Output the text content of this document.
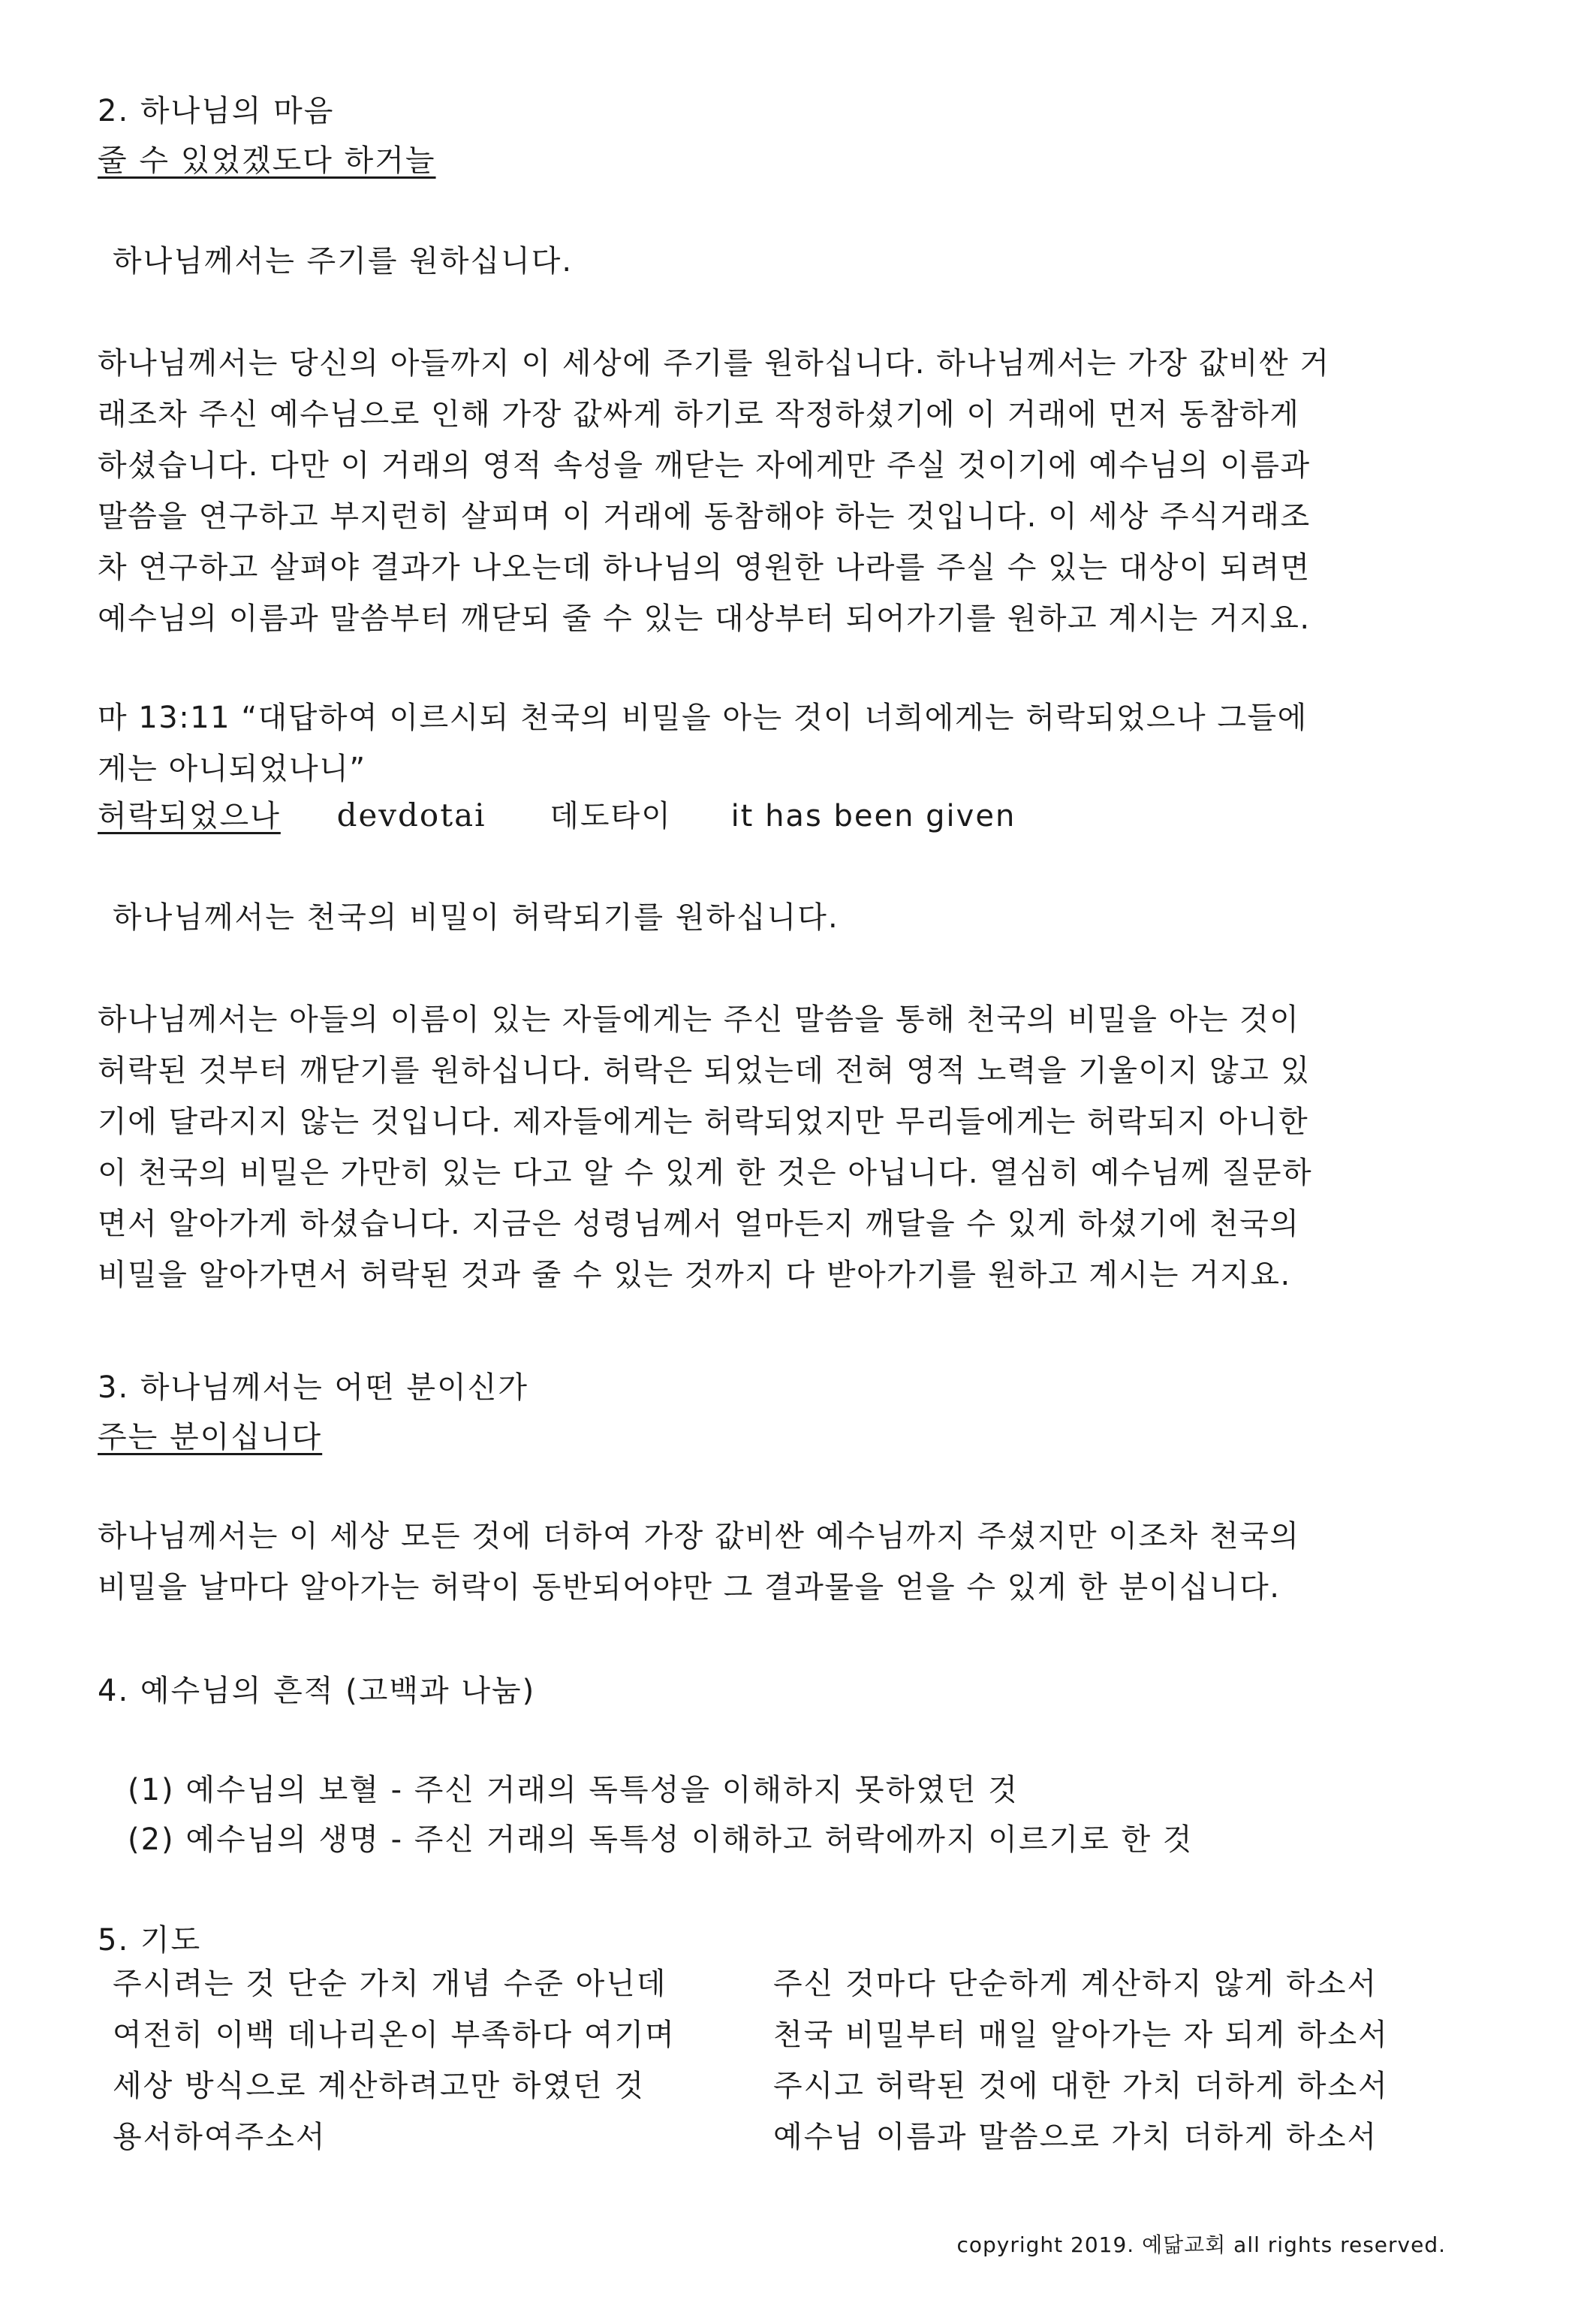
2. 하나님의 마음
줄 수 있었겠도다 하거늘
하나님께서는 주기를 원하십니다.
하나님께서는 당신의 아들까지 이 세상에 주기를 원하십니다. 하나님께서는 가장 값비싼 거
래조차 주신 예수님으로 인해 가장 값싸게 하기로 작정하셨기에 이 거래에 먼저 동참하게
하셨습니다. 다만 이 거래의 영적 속성을 깨닫는 자에게만 주실 것이기에 예수님의 이름과
말씀을 연구하고 부지런히 살피며 이 거래에 동참해야 하는 것입니다. 이 세상 주식거래조
차 연구하고 살펴야 결과가 나오는데 하나님의 영원한 나라를 주실 수 있는 대상이 되려면
예수님의 이름과 말씀부터 깨닫되 줄 수 있는 대상부터 되어가기를 원하고 계시는 거지요.
마 13:11 “대답하여 이르시되 천국의 비밀을 아는 것이 너희에게는 허락되었으나 그들에
게는 아니되었나니”
허락되었으나 devdotai 데도타이 it has been given
하나님께서는 천국의 비밀이 허락되기를 원하십니다.
하나님께서는 아들의 이름이 있는 자들에게는 주신 말씀을 통해 천국의 비밀을 아는 것이
허락된 것부터 깨닫기를 원하십니다. 허락은 되었는데 전혀 영적 노력을 기울이지 않고 있
기에 달라지지 않는 것입니다. 제자들에게는 허락되었지만 무리들에게는 허락되지 아니한
이 천국의 비밀은 가만히 있는 다고 알 수 있게 한 것은 아닙니다. 열심히 예수님께 질문하
면서 알아가게 하셨습니다. 지금은 성령님께서 얼마든지 깨달을 수 있게 하셨기에 천국의
비밀을 알아가면서 허락된 것과 줄 수 있는 것까지 다 받아가기를 원하고 계시는 거지요.
3. 하나님께서는 어떤 분이신가
주는 분이십니다
하나님께서는 이 세상 모든 것에 더하여 가장 값비싼 예수님까지 주셨지만 이조차 천국의
비밀을 날마다 알아가는 허락이 동반되어야만 그 결과물을 얻을 수 있게 한 분이십니다.
4. 예수님의 흔적 (고백과 나눔)
(1) 예수님의 보혈 - 주신 거래의 독특성을 이해하지 못하였던 것
(2) 예수님의 생명 - 주신 거래의 독특성 이해하고 허락에까지 이르기로 한 것
5. 기도
주시려는 것 단순 가치 개념 수준 아닌데
여전히 이백 데나리온이 부족하다 여기며
세상 방식으로 계산하려고만 하였던 것
용서하여주소서
주신 것마다 단순하게 계산하지 않게 하소서
천국 비밀부터 매일 알아가는 자 되게 하소서
주시고 허락된 것에 대한 가치 더하게 하소서
예수님 이름과 말씀으로 가치 더하게 하소서
copyright 2019. 예닮교회 all rights reserved.
